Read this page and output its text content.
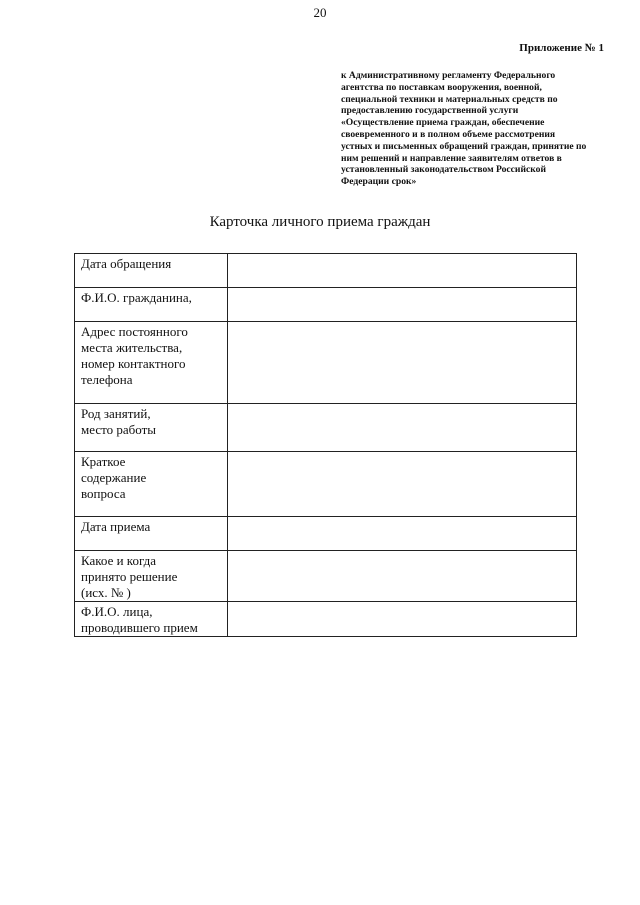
20
Приложение № 1
к Административному регламенту Федерального
агентства по поставкам вооружения, военной,
специальной техники и материальных средств по
предоставлению государственной услуги
«Осуществление приема граждан, обеспечение
своевременного и в полном объеме рассмотрения
устных и письменных обращений граждан, принятие по
ним решений и направление заявителям ответов в
установленный законодательством Российской
Федерации срок»
Карточка личного приема граждан
Дата обращения	

Ф.И.О. гражданина,	

Адрес постоянного
места жительства,
номер контактного
телефона	

Род занятий,
место работы	

Краткое
содержание
вопроса	

Дата приема	

Какое и когда
принято решение
(исх. № )	

Ф.И.О. лица,
проводившего прием	
